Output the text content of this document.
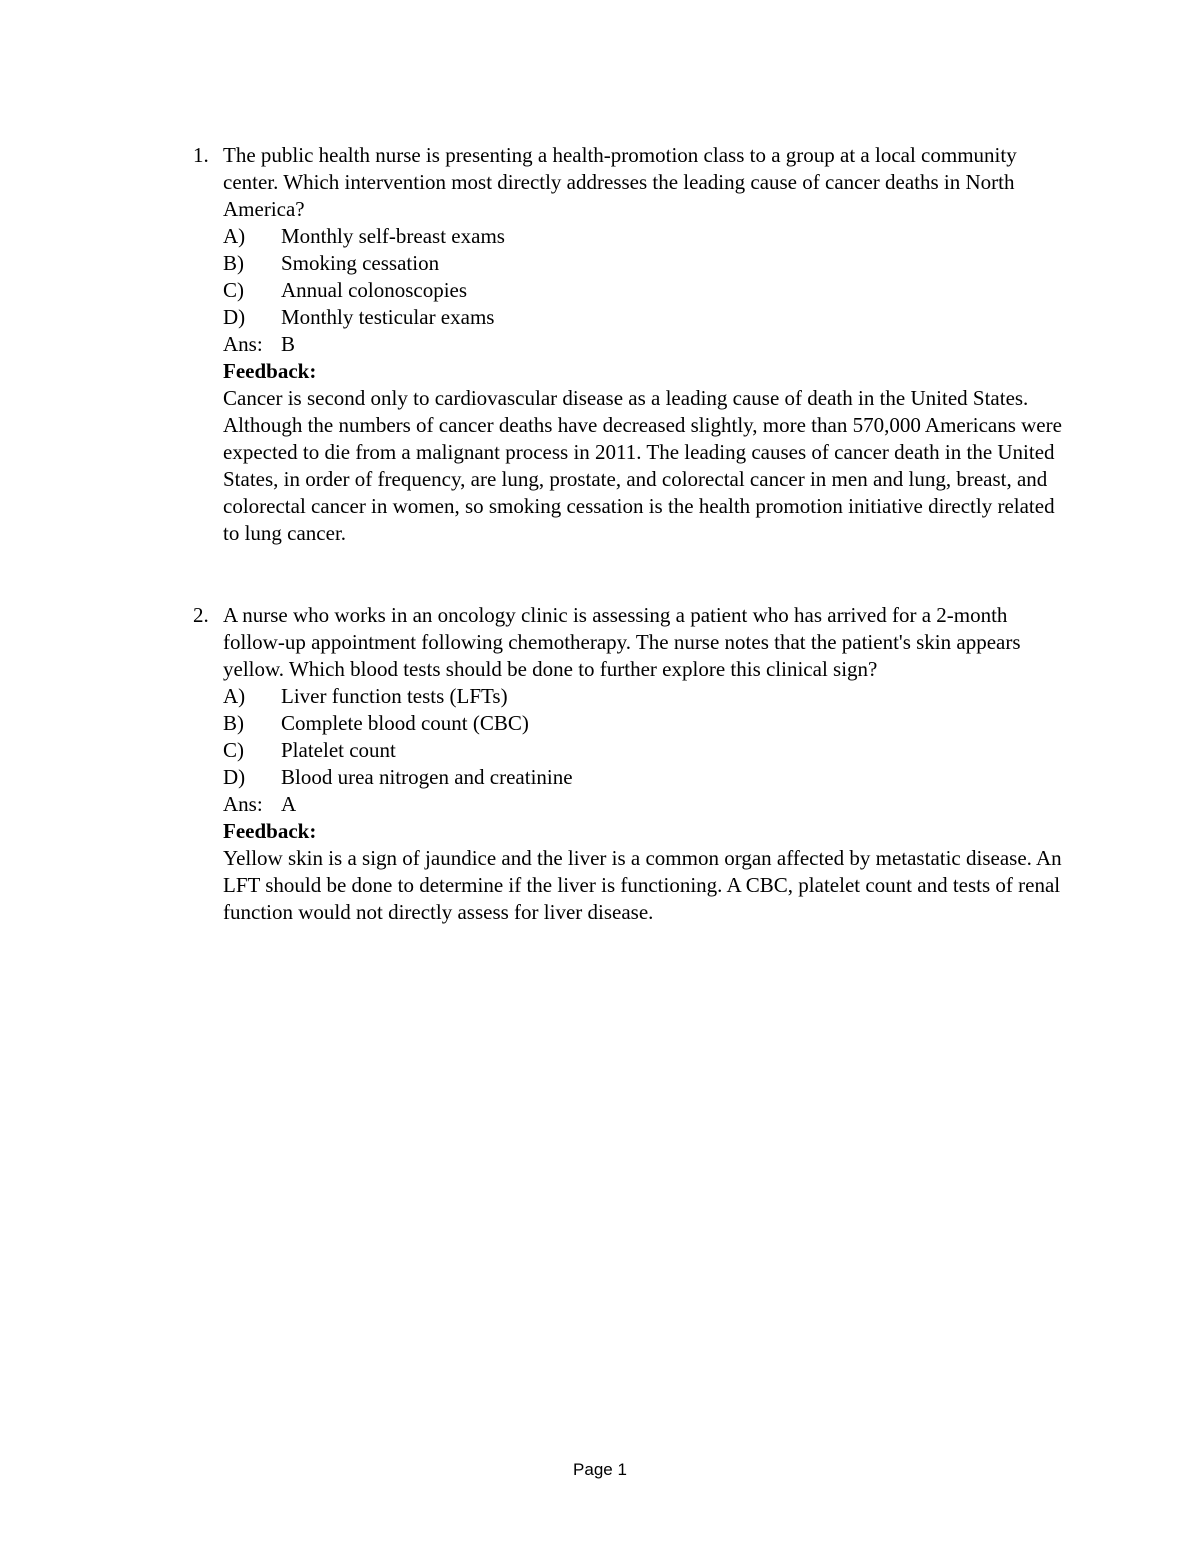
1. The public health nurse is presenting a health-promotion class to a group at a local community center. Which intervention most directly addresses the leading cause of cancer deaths in North America?

A)	Monthly self-breast exams
B)	Smoking cessation
C)	Annual colonoscopies
D)	Monthly testicular exams

Ans: B

Feedback:

Cancer is second only to cardiovascular disease as a leading cause of death in the United States. Although the numbers of cancer deaths have decreased slightly, more than 570,000 Americans were expected to die from a malignant process in 2011. The leading causes of cancer death in the United States, in order of frequency, are lung, prostate, and colorectal cancer in men and lung, breast, and colorectal cancer in women, so smoking cessation is the health promotion initiative directly related to lung cancer.

2. A nurse who works in an oncology clinic is assessing a patient who has arrived for a 2-month follow-up appointment following chemotherapy. The nurse notes that the patient's skin appears yellow. Which blood tests should be done to further explore this clinical sign?

A)	Liver function tests (LFTs)
B)	Complete blood count (CBC)
C)	Platelet count
D)	Blood urea nitrogen and creatinine

Ans: A

Feedback:

Yellow skin is a sign of jaundice and the liver is a common organ affected by metastatic disease. An LFT should be done to determine if the liver is functioning. A CBC, platelet count and tests of renal function would not directly assess for liver disease.

Page 1
